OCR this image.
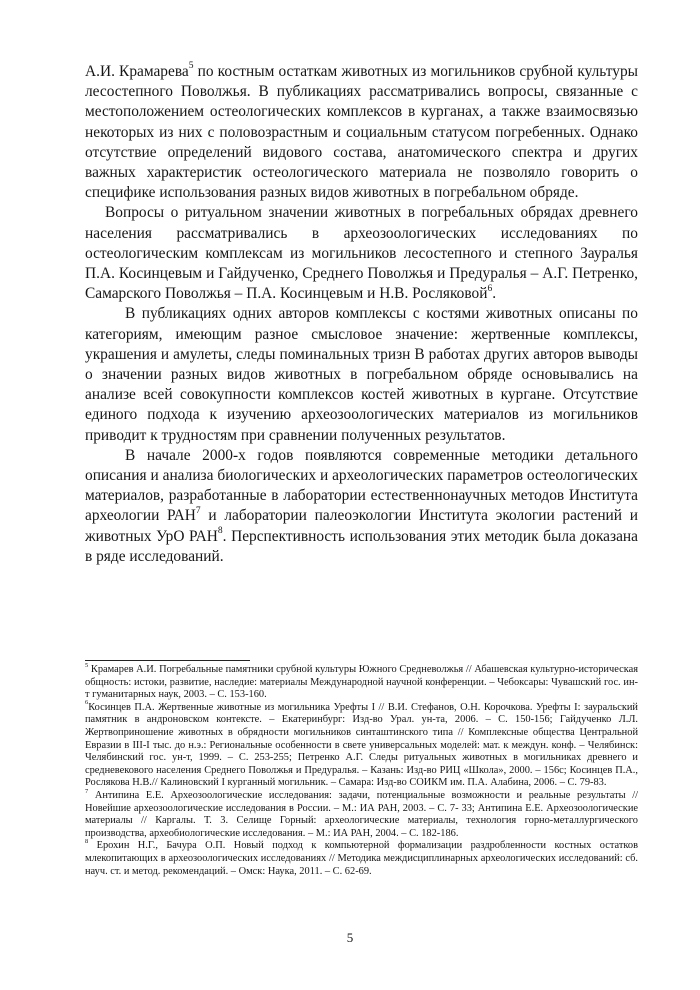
А.И. Крамарева$^5$ по костным остаткам животных из могильников срубной культуры лесостепного Поволжья. В публикациях рассматривались вопросы, связанные с местоположением остеологических комплексов в курганах, а также взаимосвязью некоторых из них с половозрастным и социальным статусом погребенных. Однако отсутствие определений видового состава, анатомического спектра и других важных характеристик остеологического материала не позволяло говорить о специфике использования разных видов животных в погребальном обряде.

Вопросы о ритуальном значении животных в погребальных обрядах древнего населения рассматривались в археозоологических исследованиях по остеологическим комплексам из могильников лесостепного и степного Зауралья П.А. Косинцевым и Гайдученко, Среднего Поволжья и Предуралья – А.Г. Петренко, Самарского Поволжья – П.А. Косинцевым и Н.В. Росляковой$^6$.

В публикациях одних авторов комплексы с костями животных описаны по категориям, имеющим разное смысловое значение: жертвенные комплексы, украшения и амулеты, следы поминальных тризн В работах других авторов выводы о значении разных видов животных в погребальном обряде основывались на анализе всей совокупности комплексов костей животных в кургане. Отсутствие единого подхода к изучению археозоологических материалов из могильников приводит к трудностям при сравнении полученных результатов.

В начале 2000-х годов появляются современные методики детального описания и анализа биологических и археологических параметров остеологических материалов, разработанные в лаборатории естественнонаучных методов Института археологии РАН$^7$ и лаборатории палеоэкологии Института экологии растений и животных УрО РАН$^8$. Перспективность использования этих методик была доказана в ряде исследований.

$^5$ Крамарев А.И. Погребальные памятники срубной культуры Южного Средневолжья // Абашевская культурно-историческая общность: истоки, развитие, наследие: материалы Международной научной конференции. – Чебоксары: Чувашский гос. ин-т гуманитарных наук, 2003. – С. 153-160.

$^6$Косинцев П.А. Жертвенные животные из могильника Урефты I // В.И. Стефанов, О.Н. Корочкова. Урефты I: зауральский памятник в андроновском контексте. – Екатеринбург: Изд-во Урал. ун-та, 2006. – С. 150-156; Гайдученко Л.Л. Жертвоприношение животных в обрядности могильников синташтинского типа // Комплексные общества Центральной Евразии в III-I тыс. до н.э.: Региональные особенности в свете универсальных моделей: мат. к междун. конф. – Челябинск: Челябинский гос. ун-т, 1999. – С. 253-255; Петренко А.Г. Следы ритуальных животных в могильниках древнего и средневекового населения Среднего Поволжья и Предуралья. – Казань: Изд-во РИЦ «Школа», 2000. – 156с; Косинцев П.А., Рослякова Н.В.// Калиновский I курганный могильник. – Самара: Изд-во СОИКМ им. П.А. Алабина, 2006. – С. 79-83.

$^7$ Антипина Е.Е. Археозоологические исследования: задачи, потенциальные возможности и реальные результаты // Новейшие археозоологические исследования в России. – М.: ИА РАН, 2003. – С. 7- 33; Антипина Е.Е. Археозоологические материалы // Каргалы. Т. 3. Селище Горный: археологические материалы, технология горно-металлургического производства, археобиологические исследования. – М.: ИА РАН, 2004. – С. 182-186.

$^8$ Ерохин Н.Г., Бачура О.П. Новый подход к компьютерной формализации раздробленности костных остатков млекопитающих в археозоологических исследованиях // Методика междисциплинарных археологических исследований: сб. науч. ст. и метод. рекомендаций. – Омск: Наука, 2011. – С. 62-69.

5
